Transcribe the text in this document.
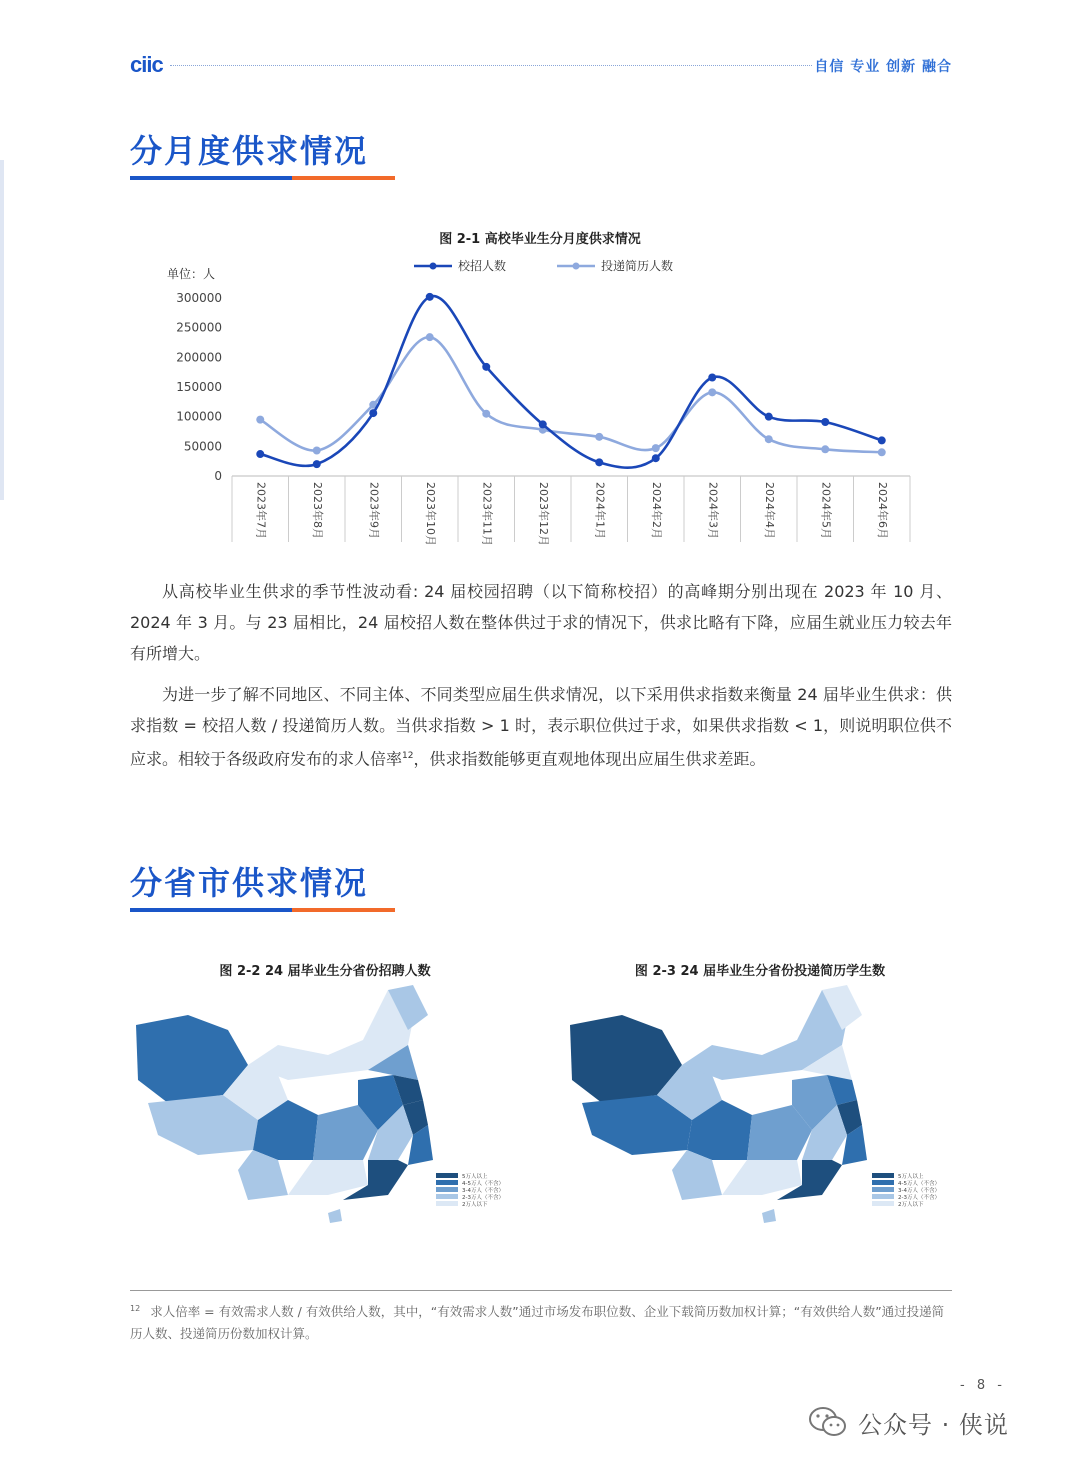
ciic	自信 专业 创新 融合
分月度供求情况
图 2-1 高校毕业生分月度供求情况
单位：人
校招人数	投递简历人数
0
50000
100000
150000
200000
250000
300000
2023年7月	2023年8月	2023年9月	2023年10月	2023年11月	2023年12月	2024年1月	2024年2月	2024年3月	2024年4月	2024年5月	2024年6月

从高校毕业生供求的季节性波动看: 24 届校园招聘（以下简称校招）的高峰期分别出现在 2023 年 10 月、2024 年 3 月。与 23 届相比，24 届校招人数在整体供过于求的情况下，供求比略有下降，应届生就业压力较去年有所增大。

为进一步了解不同地区、不同主体、不同类型应届生供求情况，以下采用供求指数来衡量 24 届毕业生供求：供求指数 = 校招人数 / 投递简历人数。当供求指数 > 1 时，表示职位供过于求，如果供求指数 < 1，则说明职位供不应求。相较于各级政府发布的求人倍率$^{12}$，供求指数能够更直观地体现出应届生供求差距。

分省市供求情况
图 2-2 24 届毕业生分省份招聘人数	图 2-3 24 届毕业生分省份投递简历学生数
5万人以上
4-5万人（不含）
3-4万人（不含）
2-3万人（不含）
2万人以下
5万人以上
4-5万人（不含）
3-4万人（不含）
2-3万人（不含）
2万人以下
$^{12}$ 求人倍率 = 有效需求人数 / 有效供给人数，其中，“有效需求人数”通过市场发布职位数、企业下载简历数加权计算；“有效供给人数”通过投递简历人数、投递简历份数加权计算。
- 8 -
公众号 · 侠说
